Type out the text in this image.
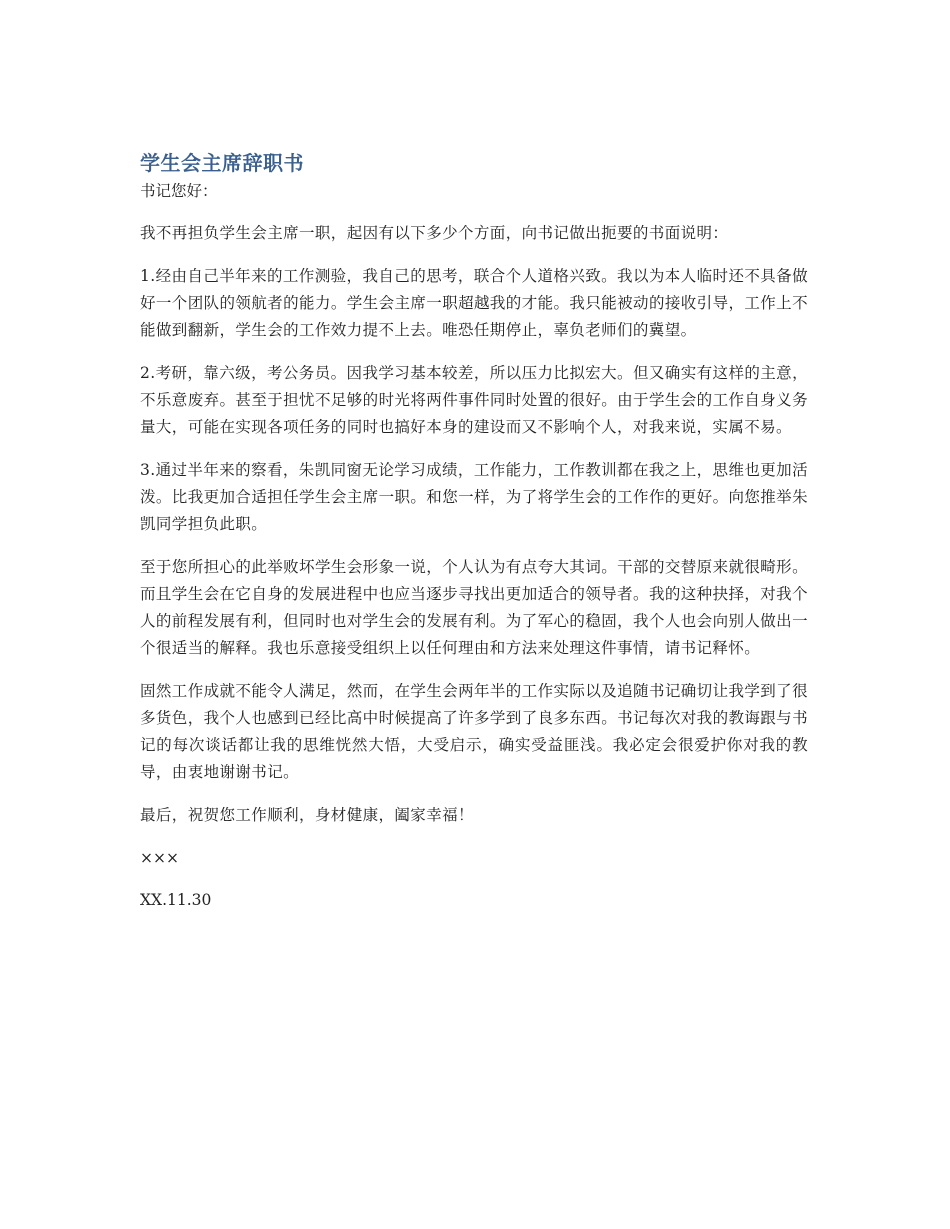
学生会主席辞职书

书记您好：

我不再担负学生会主席一职，起因有以下多少个方面，向书记做出扼要的书面说明：

1.经由自己半年来的工作测验，我自己的思考，联合个人道格兴致。我以为本人临时还不具备做好一个团队的领航者的能力。学生会主席一职超越我的才能。我只能被动的接收引导，工作上不能做到翻新，学生会的工作效力提不上去。唯恐任期停止，辜负老师们的冀望。

2.考研，靠六级，考公务员。因我学习基本较差，所以压力比拟宏大。但又确实有这样的主意，不乐意废弃。甚至于担忧不足够的时光将两件事件同时处置的很好。由于学生会的工作自身义务量大，可能在实现各项任务的同时也搞好本身的建设而又不影响个人，对我来说，实属不易。

3.通过半年来的察看，朱凯同窗无论学习成绩，工作能力，工作教训都在我之上，思维也更加活泼。比我更加合适担任学生会主席一职。和您一样，为了将学生会的工作作的更好。向您推举朱凯同学担负此职。

至于您所担心的此举败坏学生会形象一说，个人认为有点夸大其词。干部的交替原来就很畸形。而且学生会在它自身的发展进程中也应当逐步寻找出更加适合的领导者。我的这种抉择，对我个人的前程发展有利，但同时也对学生会的发展有利。为了军心的稳固，我个人也会向别人做出一个很适当的解释。我也乐意接受组织上以任何理由和方法来处理这件事情，请书记释怀。

固然工作成就不能令人满足，然而，在学生会两年半的工作实际以及追随书记确切让我学到了很多货色，我个人也感到已经比高中时候提高了许多学到了良多东西。书记每次对我的教诲跟与书记的每次谈话都让我的思维恍然大悟，大受启示，确实受益匪浅。我必定会很爱护你对我的教导，由衷地谢谢书记。

最后，祝贺您工作顺利，身材健康，阖家幸福！

×××

XX.11.30
